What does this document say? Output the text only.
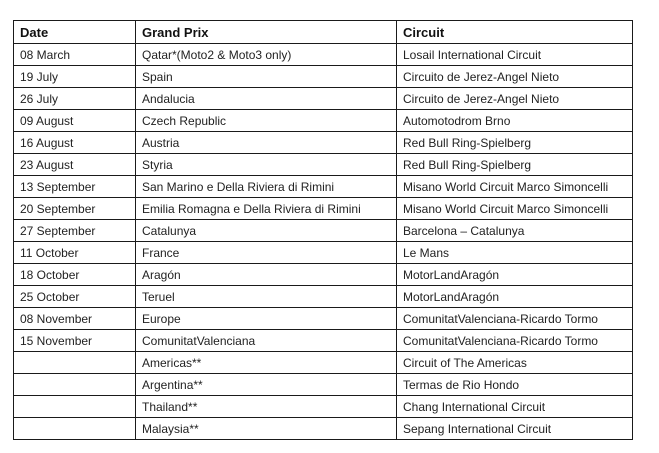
Date	Grand Prix	Circuit
08 March	Qatar*(Moto2 & Moto3 only)	Losail International Circuit
19 July	Spain	Circuito de Jerez-Angel Nieto
26 July	Andalucia	Circuito de Jerez-Angel Nieto
09 August	Czech Republic	Automotodrom Brno
16 August	Austria	Red Bull Ring-Spielberg
23 August	Styria	Red Bull Ring-Spielberg
13 September	San Marino e Della Riviera di Rimini	Misano World Circuit Marco Simoncelli
20 September	Emilia Romagna e Della Riviera di Rimini	Misano World Circuit Marco Simoncelli
27 September	Catalunya	Barcelona – Catalunya
11 October	France	Le Mans
18 October	Aragón	MotorLandAragón
25 October	Teruel	MotorLandAragón
08 November	Europe	ComunitatValenciana-Ricardo Tormo
15 November	ComunitatValenciana	ComunitatValenciana-Ricardo Tormo
	Americas**	Circuit of The Americas
	Argentina**	Termas de Rio Hondo
	Thailand**	Chang International Circuit
	Malaysia**	Sepang International Circuit
